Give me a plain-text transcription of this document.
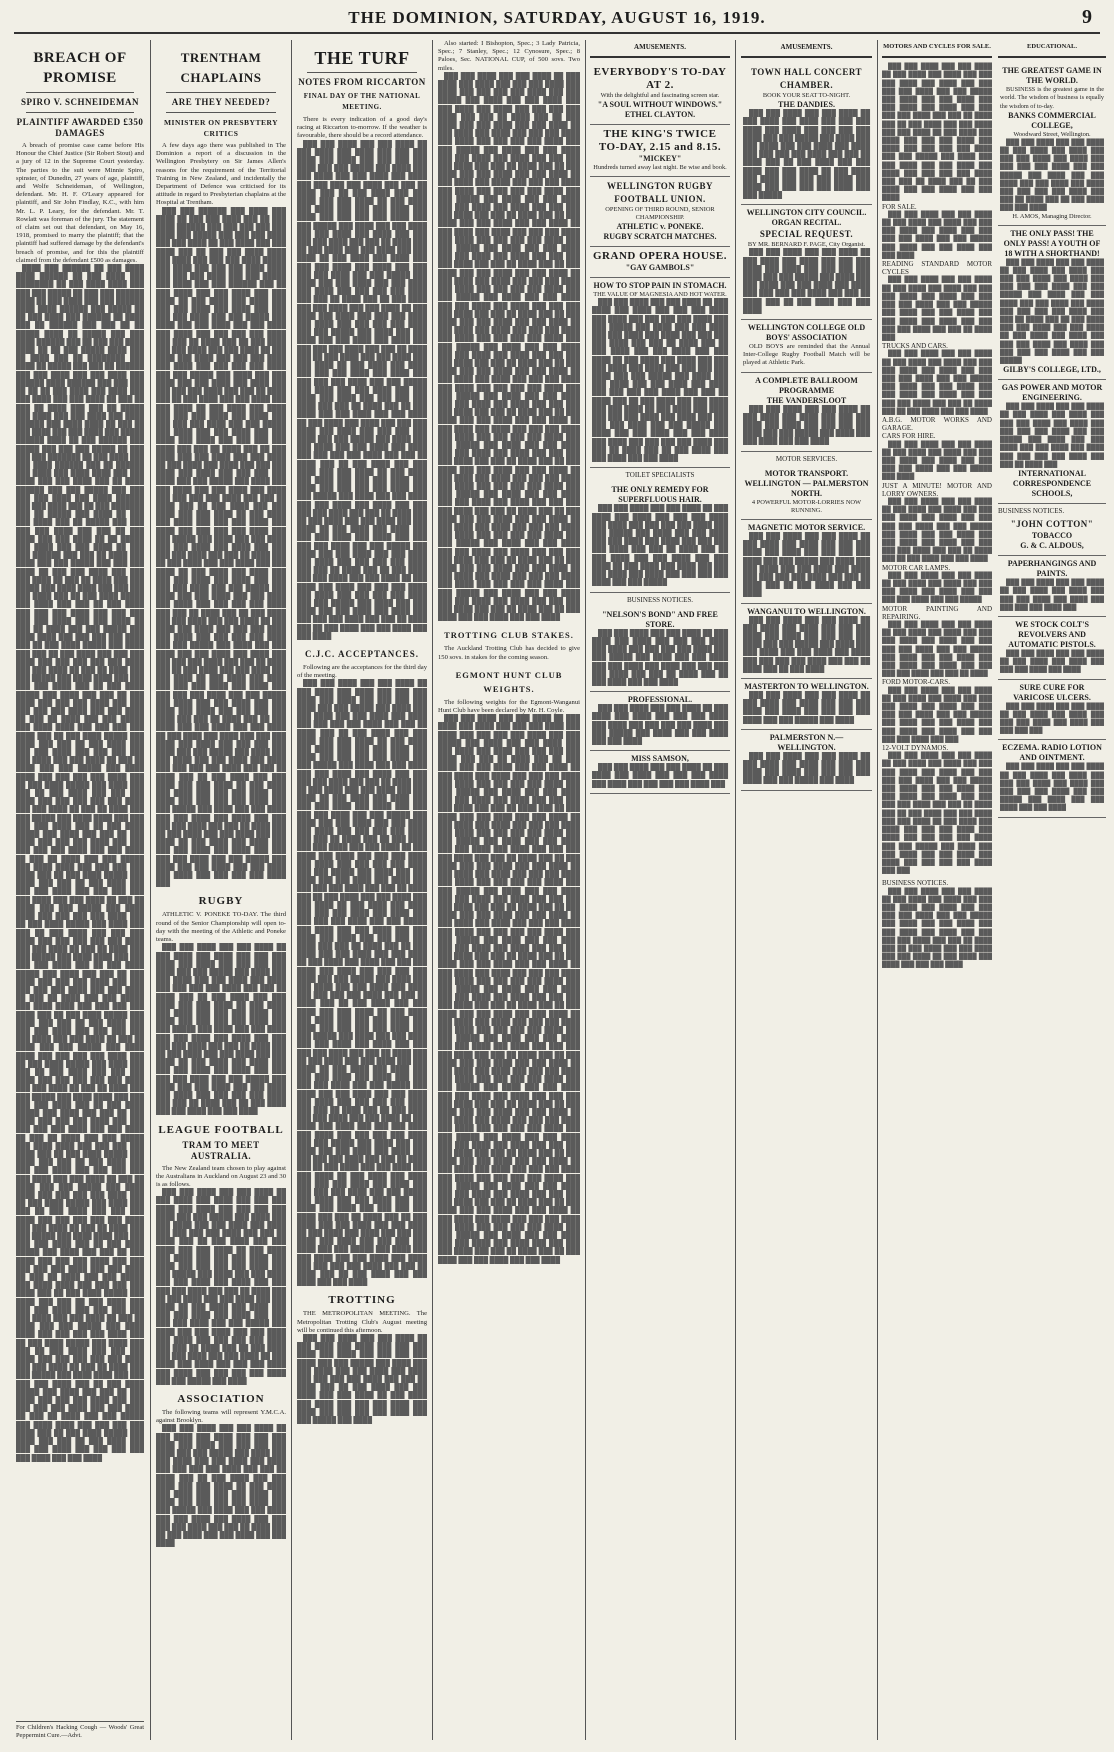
THE DOMINION, SATURDAY, AUGUST 16, 1919.	9
BREACH OF PROMISE
SPIRO V. SCHNEIDEMAN
PLAINTIFF AWARDED £350 DAMAGES

A breach of promise case came before His Honour the Chief Justice (Sir Robert Stout) and a jury of 12 in the Supreme Court yesterday. The parties to the suit were Minnie Spiro, spinster, of Dunedin, 27 years of age, plaintiff, and Wolfe Schneideman, of Wellington, defendant. Mr. H. F. O'Leary appeared for plaintiff, and Sir John Findlay, K.C., with him Mr. L. P. Leary, for the defendant. Mr. T. Rowlatt was foreman of the jury. The statement of claim set out that defendant, on May 16, 1918, promised to marry the plaintiff; that the plaintiff had suffered damage by the defendant's breach of promise, and for this the plaintiff claimed from the defendant £500 as damages.

████ ███ ██████ ██ ███ ████ ████ ██████ ██ ███ ████ ███ ████████ ██ ███ ████ ████ ███ ███ ███ █████ ██ ███ ███ ██████ ████ ██ ███ ████ ███ ███ ██████ ████ ████ ██████ ███ █████ ██ ██ ███ ████ ███ ██████ ██ ████ ███ ██ ██████ ███ ███ ██ ██ █████ ████ ██ █████ ███ ███ ████ ██████ ███ ██ ███ ███ ████ ████ ██ ██ ███ █████ ████ ███ ██ ████ ███ ██ ████████ ███ ████ ██ █████ ███ ███ ██ ██████ ███ ███ ████ ███ ███ ████ ███ ██████ ████ ██████ ███ ███ ███ ██ ██ ██ ███ ████ ███ ████ ███ ███ ████ ███ ███ ████ ██ ███ ██ ███ ██ ████ ███ ███ ██ █████ ███ ████ ███ ███ ████ ███ ████ ██████ ███ ████ ████ ██ ███ ██ ███ ████ ███ ███ ████ ███ █████ ██████ ████ ██ ███ ██████ ███ █████ ███ ███ ███ █████ ██ ███ ███ ███ ███████ ██ ███ ████ ███ ███ ████ ██████ ███ ██ ██████ ███ ████ ███ ████ ████ ███ ███ ████ ███ ███ ████ ███ ██ ████ ██████ ███ ███ █████ ███ ███ ███ ███ ████ ███ ████ ██████ ███ ███ ████ ███ ██ ███ ███████ ███ ██ █████ ███ ████ ██ ███ ███ ████ ███ ██ █████ ███ ███ ███ ███ ████ ███ ███ ██ ███ ████ ███ ███ ████ ██ ██ █████ ███ ████ ███ ███ ████ ██ ███ ███ ██████ ███ ███ ██ ████ ███ ████ ███ ███ █████ ███ ███ ███ ████ ██ ███ ███ ████ ███ ███ ███ ████ ██ ███ ██ ████ ███ ███ █████ ███ ████ ████ ███ ███ ███ ███ ████ ███ ██ ███ ████ █████ ███ ████ ███ ███ ██ ███ ████ ███ ███ ███ ████ ███ ███ ███ ███ ███ ████ ███ ███ ████ ██ ███ ██ ████ ███ ███ █████ ███ ████ ████ ███ ███ ███ ███ ████ ███ ██ ███ ████ █████ ███ ████ ███ ███ ██ ███ ████ ███ ███ ███ ████ ███ ███ ███ ███ ███ ████ ███ ███ ████ ██ ███ ██ ████ ███ ███ █████ ███ ████ ████ ███ ███ ███ ███ ████ ███ ██ ███ ████ █████ ███ ████ ███ ███ ██ ███ ████ ███ ███ ███ ████ ███ ███ ███ ███ ███ ████ ███ ███ ████ ██ ███ ██ ████ ███ ███ █████ ███ ████ ████ ███ ███ ███ ███ ████ ███ ██ ███ ████ █████ ███ ████ ███ ███ ██ ███ ████ ███ ███ ███ ████ ███ ███ ███ ███ ███ ████ ███ ███ ████ ██ ███ ██ ████ ███ ███ █████ ███ ████ ████ ███ ███ ███ ███ ████ ███ ██ ███ ████ █████ ███ ████ ███ ███ ██ ███ ████ ███ ███ ███ ████ ███ ███ ███ ███ ███ ████ ███ ███ ████ ██ ███ ██ ████ ███ ███ █████ ███ ████ ████ ███ ███ ███ ███ ████ ███ ██ ███ ████ █████ ███ ████ ███ ███ ██ ███ ████ ███ ███ ███ ████ ███ ███ ███ ███ ███ ████ ███ ███ ████ ██ ███ ██ ████ ███ ███ █████ ███ ████ ████ ███ ███ ███ ███ ████ ███ ██ ███ ████ █████ ███ ████ ███ ███ ██ ███ ████ ███ ███ ███ ████ ███ ███ ███ ███ ███ ████ ███ ███ ████ ██ ███ ██ ████ ███ ███ █████ ███ ████ ████ ███ ███ ███ ███ ████ ███ ██ ███ ████ █████ ███ ████ ███ ███ ██ ███ ████ ███ ███ ███ ████ ███ ███ ███ ███ ███ ████ ███ ███ ████ ██ ███ ██ ████ ███ ███ █████ ███ ████ ████ ███ ███ ███ ███ ████ ███ ██ ███ ████ █████ ███ ████ ███ ███ ██ ███ ████ ███ ███ ███ ████ ███ ███ ███ ███ ███ ████ ███ ███ ████ ██ ███ ██ ████ ███ ███ █████ ███ ████ ████ ███ ███ ███ ███ ████ ███ ██ ███ ████ █████ ███ ████ ███ ███ ██ ███ ████ ███ ███ ███ ████ ███ ███ ███ ███ ███ ████ ███ ███ ████ ██ ███ ██ ████ ███ ███ █████ ███ ████ ████ ███ ███ ███ ███ ████ ███ ██ ███ ████ █████ ███ ████ ███ ███ ██ ███ ████ ███ ███ ███ ████ ███ ███ ███ ███ ███ ████ ███ ███ ████ ██ ███ ██ ████ ███ ███ █████ ███ ████ ████ ███ ███ ███ ███ ████ ███ ██ ███ ████ █████ ███ ████ ███ ███ ██ ███ ████ ███ ███ ███ ████ ███ ███ ███ ███ ███ ████ ███ ███ ████ ██ ███ ██ ████ ███ ███ █████ ███ ████ ████ ███ ███ ███ ███ ████ ███ ██ ███ ████ █████ ███ ████ ███ ███ ██ ███ ████ ███ ███ ███ ████ ███ ███ ███ ███ ███ ████ ███ ███ ████ ██ ███ ██ ████ ███ ███ █████ ███ ████ ████ ███ ███ ███ ███ ████ ███ ██ ███ ████ █████ ███ ████ ███ ███ ██ ███ ████ ███ ███ ███ ████ ███ ███ ███ ███ ███ ████ ███ ███ ████ ██ ███ ██ ████ ███ ███ █████ ███ ████ ████ ███ ███ ███ ███ ████ ███ ██ ███ ████ █████ ███ ████ ███ ███ ██ ███ ████ ███ ███ ███ ████ ███ ███ ███ ███ ███ ████ ███ ███ ████ ██ ███ ██ ████ ███ ███ █████ ███ ████ ████ ███ ███ ███ ███ ████ ███ ██ ███ ████ █████ ███ ████ ███ ███ ██ ███ ████ ███ ███ ███ ████ ███ ███ ███ ███ ███ ████ ███ ███ ████ ██ ███ ██ ████ ███ ███ █████ ███ ████ ████ ███ ███ ███ ███ ████ ███ ██ ███ ████ █████ ███ ████ ███ ███ ██ ███ ████ ███ ███ ███ ████ ███ ███ ███ ███ ███ ████ ███ ███ ████ ██ ███ ██ ████ ███ ███ █████ ███ ████ ████ ███ ███ ███ ███ ████ ███ ██ ███ ████ █████ ███ ████ ███ ███ ██ ███ ████ ███ ███ ███ ████ ███ ███ ███ ███ ███ ████ ███ ███ ████ ██ ███ ██ ████ ███ ███ █████ ███ ████ ████ ███ ███ ███ ███ ████ ███ ██ ███ ████ █████ ███ ████ ███ ███ ██ ███ ████ ███ ███ ███ ████ ███ ███ ███ ███ ███ ████ ███ ███ ████

For Children's Hacking Cough — Woods' Great Peppermint Cure.—Advt.
TRENTHAM CHAPLAINS
ARE THEY NEEDED?
MINISTER ON PRESBYTERY CRITICS

A few days ago there was published in The Dominion a report of a discussion in the Wellington Presbytery on Sir James Allen's reasons for the requirement of the Territorial Training in New Zealand, and incidentally the Department of Defence was criticised for its attitude in regard to Presbyterian chaplains at the Hospital at Trentham.

███ ███ ██████ ███ ████ ███ ████ ██ ███ ███ ████ ███ ██ ███ ████ ██████ ███ ███ ███ ███ ███ ████ ███ █████ ███ ███ ███ ████ ███ ███ ████ ██ ███ ████ ███ ███ ████ ███ ██ ███ ███ ████ ████ ███ ████ ███ ███ ███ ████ █████ ███ ████ ███ ███ ███ ████ ████ ███ ███ ███ ████ ███ ███ █████ ███ ████ ███ ███ ██████ ███ ██ ███ ████ ███ ███ ████ ███ ███ ████ ██ ███ ████ ███ ████ ███ ███ ███ ████ ███ ████ ███ ███ ███ ███ ████ ███ ███ █████ ███ ████ ███ ███ ████ ███ ███ ████ ███ ████ ███ ███ ███ ███ ████ ███ ███ ██ ████ ███ ██ ███ ████ ███ ███ ████ ███ ███ ████ ██ ███ ████ ███ ████ ███ ███ ███ ████ ███ ████ ███ ███ ███ ███ ████ ███ ███ █████ ███ ████ ███ ███ ████ ███ ███ ████ ███ ████ ███ ███ ███ ███ ████ ███ ███ ██ ████ ███ ██ ███ ████ ███ ███ ████ ███ ███ ████ ██ ███ ████ ███ ████ ███ ███ ███ ████ ███ ████ ███ ███ ███ ███ ████ ███ ███ █████ ███ ████ ███ ███ ████ ███ ███ ████ ███ ████ ███ ███ ███ ███ ████ ███ ███ ██ ████ ███ ██ ███ ████ ███ ███ ████ ███ ███ ████ ██ ███ ████ ███ ████ ███ ███ ███ ████ ███ ████ ███ ███ ███ ███ ████ ███ ███ █████ ███ ████ ███ ███ ████ ███ ███ ████ ███ ████ ███ ███ ███ ███ ████ ███ ███ ██ ████ ███ ██ ███ ████ ███ ███ ████ ███ ███ ████ ██ ███ ████ ███ ████ ███ ███ ███ ████ ███ ████ ███ ███ ███ ███ ████ ███ ███ █████ ███ ████ ███ ███ ████ ███ ███ ████ ███ ████ ███ ███ ███ ███ ████ ███ ███ ██ ████ ███ ██ ███ ████ ███ ███ ████ ███ ███ ████ ██ ███ ████ ███ ████ ███ ███ ███ ████ ███ ████ ███ ███ ███ ███ ████ ███ ███ █████ ███ ████ ███ ███ ████ ███ ███ ████ ███ ████ ███ ███ ███ ███ ████ ███ ███ ██ ████ ███ ██ ███ ████ ███ ███ ████ ███ ███ ████ ██ ███ ████ ███ ████ ███ ███ ███ ████ ███ ████ ███ ███ ███ ███ ████ ███ ███ █████ ███ ████ ███ ███ ████ ███ ███ ████ ███ ████ ███ ███ ███ ███ ████ ███ ███ ██ ████ ███ ██ ███ ████ ███ ███ ████ ███ ███ ████ ██ ███ ████ ███ ████ ███ ███ ███ ████ ███ ████ ███ ███ ███ ███ ████ ███ ███ █████ ███ ████ ███ ███ ████ ███ ███ ████ ███ ████ ███ ███ ███ ███ ████ ███ ███ ██ ████ ███ ██ ███ ████ ███ ███ ████ ███ ███ ████ ██ ███ ████ ███ ████ ███ ███ ███ ████ ███ ████ ███ ███ ███ ███ ████ ███ ███ █████ ███ ████ ███ ███ ████ ███ ███ ████ ███ ████ ███ ███ ███ ███ ████ ███ ███ ██ ████ ███ ██ ███ ████ ███ ███ ████ ███ ███ ████ ██ ███ ████ ███ ████ ███ ███ ███ ████ ███ ████ ███ ███ ███ ███ ████ ███ ███ █████ ███ ████ ███ ███ ████ ███ ███ ████ ███ ████ ███ ███ ███ ███ ████ ███ ███ ██ ████ ███ ██ ███ ████ ███ ███ ████ ███ ███ ████ ██ ███ ████ ███ ████ ███ ███ ███ ████ ███ ████ ███ ███ ███ ███ ████ ███ ███ █████ ███ ████ ███ ███ ████ ███ ███ ████ ███ ████ ███ ███ ███ ███ ████ ███

RUGBY

ATHLETIC V. PONEKE TO-DAY. The third round of the Senior Championship will open to-day with the meeting of the Athletic and Poneke teams.

███ ███ ████ ███ ███ ████ ██ ███ ████ ███ ████ ███ ███ ███ ████ ███ ████ ███ ███ ███ ███ ████ ███ ███ █████ ███ ████ ███ ███ ████ ███ ███ ████ ███ ████ ███ ███ ███ ███ ████ ███ ███ ██ ████ ███ ██ ███ ████ ███ ███ ████ ███ ███ ████ ██ ███ ████ ███ ████ ███ ███ ███ ████ ███ ████ ███ ███ ███ ███ ████ ███ ███ █████ ███ ████ ███ ███ ████ ███ ███ ████ ███ ████ ███ ███ ███ ███ ████ ███ ███ ██ ████ ███ ██ ███ ████ ███ ███ ████ ███ ███ ████ ██ ███ ████ ███ ████ ███ ███ ███ ████ ███ ████ ███ ███ ███ ███ ████ ███ ███ █████ ███ ████ ███ ███ ████ ███ ███ ████ ███ ████ ███ ███ ███ ███ ████ ███ ███ ██ ████ ███ ██ ███ ████ ███ ███ ████ ███ ███ ████

LEAGUE FOOTBALL
TRAM TO MEET AUSTRALIA.

The New Zealand team chosen to play against the Australians in Auckland on August 23 and 30 is as follows.

███ ███ ████ ███ ███ ████ ██ ███ ████ ███ ████ ███ ███ ███ ████ ███ ████ ███ ███ ███ ███ ████ ███ ███ █████ ███ ████ ███ ███ ████ ███ ███ ████ ███ ████ ███ ███ ███ ███ ████ ███ ███ ██ ████ ███ ██ ███ ████ ███ ███ ████ ███ ███ ████ ██ ███ ████ ███ ████ ███ ███ ███ ████ ███ ████ ███ ███ ███ ███ ████ ███ ███ █████ ███ ████ ███ ███ ████ ███ ███ ████ ███ ████ ███ ███ ███ ███ ████ ███ ███ ██ ████ ███ ██ ███ ████ ███ ███ ████ ███ ███ ████ ██ ███ ████ ███ ████ ███ ███ ███ ████ ███ ████ ███ ███ ███ ███ ████ ███ ███ █████ ███ ████ ███ ███ ████ ███ ███ ████ ███ ████ ███ ███ ███ ███ ████ ███ ███ ██ ████ ███ ██ ███ ████ ███ ███ ████ ███ ███ ████ ██ ███ ████ ███ ████ ███ ███ ███ ████ ███ ████ ███ ███ ███ ███ ████ ███ ███ █████ ███ ████

ASSOCIATION

The following teams will represent Y.M.C.A. against Brooklyn.

███ ███ ████ ███ ███ ████ ██ ███ ████ ███ ████ ███ ███ ███ ████ ███ ████ ███ ███ ███ ███ ████ ███ ███ █████ ███ ████ ███ ███ ████ ███ ███ ████ ███ ████ ███ ███ ███ ███ ████ ███ ███ ██ ████ ███ ██ ███ ████ ███ ███ ████ ███ ███ ████ ██ ███ ████ ███ ████ ███ ███ ███ ████ ███ ████ ███ ███ ███ ███ ████ ███ ███ █████ ███ ████ ███ ███ ████ ███ ███ ████ ███ ████ ███ ███ ███ ███ ████ ███ ███ ██ ████ ███ ██ ███ ████ ███ ███ ████ ███ ███ ████

THE TURF
NOTES FROM RICCARTON
FINAL DAY OF THE NATIONAL MEETING.

There is every indication of a good day's racing at Riccarton to-morrow. If the weather is favourable, there should be a record attendance.

███ ███ ████ ███ ███ ████ ██ ███ ████ ███ ████ ███ ███ ███ ████ ███ ████ ███ ███ ███ ███ ████ ███ ███ █████ ███ ████ ███ ███ ████ ███ ███ ████ ███ ████ ███ ███ ███ ███ ████ ███ ███ ██ ████ ███ ██ ███ ████ ███ ███ ████ ███ ███ ████ ██ ███ ████ ███ ████ ███ ███ ███ ████ ███ ████ ███ ███ ███ ███ ████ ███ ███ █████ ███ ████ ███ ███ ████ ███ ███ ████ ███ ████ ███ ███ ███ ███ ████ ███ ███ ██ ████ ███ ██ ███ ████ ███ ███ ████ ███ ███ ████ ██ ███ ████ ███ ████ ███ ███ ███ ████ ███ ████ ███ ███ ███ ███ ████ ███ ███ █████ ███ ████ ███ ███ ████ ███ ███ ████ ███ ████ ███ ███ ███ ███ ████ ███ ███ ██ ████ ███ ██ ███ ████ ███ ███ ████ ███ ███ ████ ██ ███ ████ ███ ████ ███ ███ ███ ████ ███ ████ ███ ███ ███ ███ ████ ███ ███ █████ ███ ████ ███ ███ ████ ███ ███ ████ ███ ████ ███ ███ ███ ███ ████ ███ ███ ██ ████ ███ ██ ███ ████ ███ ███ ████ ███ ███ ████ ██ ███ ████ ███ ████ ███ ███ ███ ████ ███ ████ ███ ███ ███ ███ ████ ███ ███ █████ ███ ████ ███ ███ ████ ███ ███ ████ ███ ████ ███ ███ ███ ███ ████ ███ ███ ██ ████ ███ ██ ███ ████ ███ ███ ████ ███ ███ ████ ██ ███ ████ ███ ████ ███ ███ ███ ████ ███ ████ ███ ███ ███ ███ ████ ███ ███ █████ ███ ████ ███ ███ ████ ███ ███ ████ ███ ████ ███ ███ ███ ███ ████ ███ ███ ██ ████ ███ ██ ███ ████ ███ ███ ████ ███ ███ ████ ██ ███ ████ ███ ████ ███ ███ ███ ████ ███ ████ ███ ███ ███ ███ ████ ███ ███ █████ ███ ████ ███ ███ ████ ███ ███ ████ ███ ████ ███ ███ ███ ███ ████ ███ ███ ██ ████ ███ ██ ███ ████ ███ ███ ████ ███ ███ ████ ██ ███ ████ ███ ████ ███ ███ ███ ████ ███ ████ ███ ███ ███ ███ ████ ███ ███ █████ ███ ████ ███ ███ ████ ███ ███ ████ ███ ████ ███ ███ ███ ███ ████ ███ ███ ██ ████ ███ ██ ███ ████ ███ ███ ████ ███ ███ ████ ██ ███ ████ ███ ████ ███ ███ ███ ████ ███ ████ ███ ███ ███ ███ ████ ███ ███ █████ ███ ████ ███ ███ ████ ███ ███ ████ ███ ████ ███ ███ ███ ███ ████ ███ ███ ██ ████ ███ ██ ███ ████ ███ ███ ████ ███ ███ ████

C.J.C. ACCEPTANCES.

Following are the acceptances for the third day of the meeting.

███ ███ ████ ███ ███ ████ ██ ███ ████ ███ ████ ███ ███ ███ ████ ███ ████ ███ ███ ███ ███ ████ ███ ███ █████ ███ ████ ███ ███ ████ ███ ███ ████ ███ ████ ███ ███ ███ ███ ████ ███ ███ ██ ████ ███ ██ ███ ████ ███ ███ ████ ███ ███ ████ ██ ███ ████ ███ ████ ███ ███ ███ ████ ███ ████ ███ ███ ███ ███ ████ ███ ███ █████ ███ ████ ███ ███ ████ ███ ███ ████ ███ ████ ███ ███ ███ ███ ████ ███ ███ ██ ████ ███ ██ ███ ████ ███ ███ ████ ███ ███ ████ ██ ███ ████ ███ ████ ███ ███ ███ ████ ███ ████ ███ ███ ███ ███ ████ ███ ███ █████ ███ ████ ███ ███ ████ ███ ███ ████ ███ ████ ███ ███ ███ ███ ████ ███ ███ ██ ████ ███ ██ ███ ████ ███ ███ ████ ███ ███ ████ ██ ███ ████ ███ ████ ███ ███ ███ ████ ███ ████ ███ ███ ███ ███ ████ ███ ███ █████ ███ ████ ███ ███ ████ ███ ███ ████ ███ ████ ███ ███ ███ ███ ████ ███ ███ ██ ████ ███ ██ ███ ████ ███ ███ ████ ███ ███ ████ ██ ███ ████ ███ ████ ███ ███ ███ ████ ███ ████ ███ ███ ███ ███ ████ ███ ███ █████ ███ ████ ███ ███ ████ ███ ███ ████ ███ ████ ███ ███ ███ ███ ████ ███ ███ ██ ████ ███ ██ ███ ████ ███ ███ ████ ███ ███ ████ ██ ███ ████ ███ ████ ███ ███ ███ ████ ███ ████ ███ ███ ███ ███ ████ ███ ███ █████ ███ ████ ███ ███ ████ ███ ███ ████ ███ ████ ███ ███ ███ ███ ████ ███ ███ ██ ████ ███ ██ ███ ████ ███ ███ ████ ███ ███ ████ ██ ███ ████ ███ ████ ███ ███ ███ ████ ███ ████ ███ ███ ███ ███ ████ ███ ███ █████ ███ ████ ███ ███ ████ ███ ███ ████ ███ ████ ███ ███ ███ ███ ████ ███ ███ ██ ████ ███ ██ ███ ████ ███ ███ ████ ███ ███ ████ ██ ███ ████ ███ ████ ███ ███ ███ ████ ███ ████ ███ ███ ███ ███ ████ ███ ███ █████ ███ ████ ███ ███ ████ ███ ███ ████ ███ ████ ███ ███ ███ ███ ████ ███ ███ ██ ████ ███ ██ ███ ████ ███ ███ ████ ███ ███ ████ ██ ███ ████ ███ ████ ███ ███ ███ ████ ███ ████ ███ ███ ███ ███ ████ ███ ███ █████ ███ ████ ███ ███ ████ ███ ███ ████ ███ ████ ███ ███ ███ ███ ████ ███ ███ ██ ████ ███ ██ ███ ████ ███ ███ ████ ███ ███ ████ ██ ███ ████ ███ ████ ███ ███ ███ ████ ███ ████ ███ ███ ███ ███ ████ ███ ███ █████ ███ ████ ███ ███ ████ ███ ███ ████ ███ ████ ███ ███ ███ ███ ████ ███ ███ ██ ████ ███ ██ ███ ████ ███ ███ ████ ███ ███ ████ ██ ███ ████ ███ ████ ███ ███ ███ ████ ███ ████ ███ ███ ███ ███ ████ ███ ███ █████ ███ ████ ███ ███ ████ ███ ███ ████ ███ ████ ███ ███ ███ ███ ████ ███ ███ ██ ████ ███ ██ ███ ████ ███ ███ ████ ███ ███ ████

TROTTING

THE METROPOLITAN MEETING. The Metropolitan Trotting Club's August meeting will be continued this afternoon.

███ ███ ████ ███ ███ ████ ██ ███ ████ ███ ████ ███ ███ ███ ████ ███ ████ ███ ███ ███ ███ ████ ███ ███ █████ ███ ████ ███ ███ ████ ███ ███ ████ ███ ████ ███ ███ ███ ███ ████ ███ ███ ██ ████ ███ ██ ███ ████ ███ ███ ████ ███ ███ ████ ██ ███ ████ ███ ████ ███ ███ ███ ████ ███ ████ ███ ███ ███ ███ ████ ███ ███ █████ ███ ████

Also started: I Bishopton, Spec.; 3 Lady Patricia, Spec.; 7 Stanley, Spec.; 12 Cynosure, Spec.; 8 Paloes, Sec. NATIONAL CUP, of 500 sovs. Two miles.

███ ███ ████ ███ ███ ████ ██ ███ ████ ███ ████ ███ ███ ███ ████ ███ ████ ███ ███ ███ ███ ████ ███ ███ █████ ███ ████ ███ ███ ████ ███ ███ ████ ███ ████ ███ ███ ███ ███ ████ ███ ███ ██ ████ ███ ██ ███ ████ ███ ███ ████ ███ ███ ████ ██ ███ ████ ███ ████ ███ ███ ███ ████ ███ ████ ███ ███ ███ ███ ████ ███ ███ █████ ███ ████ ███ ███ ████ ███ ███ ████ ███ ████ ███ ███ ███ ███ ████ ███ ███ ██ ████ ███ ██ ███ ████ ███ ███ ████ ███ ███ ████ ██ ███ ████ ███ ████ ███ ███ ███ ████ ███ ████ ███ ███ ███ ███ ████ ███ ███ █████ ███ ████ ███ ███ ████ ███ ███ ████ ███ ████ ███ ███ ███ ███ ████ ███ ███ ██ ████ ███ ██ ███ ████ ███ ███ ████ ███ ███ ████ ██ ███ ████ ███ ████ ███ ███ ███ ████ ███ ████ ███ ███ ███ ███ ████ ███ ███ █████ ███ ████ ███ ███ ████ ███ ███ ████ ███ ████ ███ ███ ███ ███ ████ ███ ███ ██ ████ ███ ██ ███ ████ ███ ███ ████ ███ ███ ████ ██ ███ ████ ███ ████ ███ ███ ███ ████ ███ ████ ███ ███ ███ ███ ████ ███ ███ █████ ███ ████ ███ ███ ████ ███ ███ ████ ███ ████ ███ ███ ███ ███ ████ ███ ███ ██ ████ ███ ██ ███ ████ ███ ███ ████ ███ ███ ████ ██ ███ ████ ███ ████ ███ ███ ███ ████ ███ ████ ███ ███ ███ ███ ████ ███ ███ █████ ███ ████ ███ ███ ████ ███ ███ ████ ███ ████ ███ ███ ███ ███ ████ ███ ███ ██ ████ ███ ██ ███ ████ ███ ███ ████ ███ ███ ████ ██ ███ ████ ███ ████ ███ ███ ███ ████ ███ ████ ███ ███ ███ ███ ████ ███ ███ █████ ███ ████ ███ ███ ████ ███ ███ ████ ███ ████ ███ ███ ███ ███ ████ ███ ███ ██ ████ ███ ██ ███ ████ ███ ███ ████ ███ ███ ████ ██ ███ ████ ███ ████ ███ ███ ███ ████ ███ ████ ███ ███ ███ ███ ████ ███ ███ █████ ███ ████ ███ ███ ████ ███ ███ ████ ███ ████ ███ ███ ███ ███ ████ ███ ███ ██ ████ ███ ██ ███ ████ ███ ███ ████ ███ ███ ████ ██ ███ ████ ███ ████ ███ ███ ███ ████ ███ ████ ███ ███ ███ ███ ████ ███ ███ █████ ███ ████ ███ ███ ████ ███ ███ ████ ███ ████ ███ ███ ███ ███ ████ ███ ███ ██ ████ ███ ██ ███ ████ ███ ███ ████ ███ ███ ████ ██ ███ ████ ███ ████ ███ ███ ███ ████ ███ ████ ███ ███ ███ ███ ████ ███ ███ █████ ███ ████ ███ ███ ████ ███ ███ ████ ███ ████ ███ ███ ███ ███ ████ ███ ███ ██ ████ ███ ██ ███ ████ ███ ███ ████ ███ ███ ████ ██ ███ ████ ███ ████ ███ ███ ███ ████ ███ ████ ███ ███ ███ ███ ████ ███ ███ █████ ███ ████ ███ ███ ████ ███ ███ ████ ███ ████ ███ ███ ███ ███ ████ ███ ███ ██ ████ ███ ██ ███ ████ ███ ███ ████ ███ ███ ████

TROTTING CLUB STAKES.

The Auckland Trotting Club has decided to give 150 sovs. in stakes for the coming season.

EGMONT HUNT CLUB WEIGHTS.

The following weights for the Egmont-Wanganui Hunt Club have been declared by Mr. H. Coyle.

███ ███ ████ ███ ███ ████ ██ ███ ████ ███ ████ ███ ███ ███ ████ ███ ████ ███ ███ ███ ███ ████ ███ ███ █████ ███ ████ ███ ███ ████ ███ ███ ████ ███ ████ ███ ███ ███ ███ ████ ███ ███ ██ ████ ███ ██ ███ ████ ███ ███ ████ ███ ███ ████ ██ ███ ████ ███ ████ ███ ███ ███ ████ ███ ████ ███ ███ ███ ███ ████ ███ ███ █████ ███ ████ ███ ███ ████ ███ ███ ████ ███ ████ ███ ███ ███ ███ ████ ███ ███ ██ ████ ███ ██ ███ ████ ███ ███ ████ ███ ███ ████ ██ ███ ████ ███ ████ ███ ███ ███ ████ ███ ████ ███ ███ ███ ███ ████ ███ ███ █████ ███ ████ ███ ███ ████ ███ ███ ████ ███ ████ ███ ███ ███ ███ ████ ███ ███ ██ ████ ███ ██ ███ ████ ███ ███ ████ ███ ███ ████ ██ ███ ████ ███ ████ ███ ███ ███ ████ ███ ████ ███ ███ ███ ███ ████ ███ ███ █████ ███ ████ ███ ███ ████ ███ ███ ████ ███ ████ ███ ███ ███ ███ ████ ███ ███ ██ ████ ███ ██ ███ ████ ███ ███ ████ ███ ███ ████ ██ ███ ████ ███ ████ ███ ███ ███ ████ ███ ████ ███ ███ ███ ███ ████ ███ ███ █████ ███ ████ ███ ███ ████ ███ ███ ████ ███ ████ ███ ███ ███ ███ ████ ███ ███ ██ ████ ███ ██ ███ ████ ███ ███ ████ ███ ███ ████ ██ ███ ████ ███ ████ ███ ███ ███ ████ ███ ████ ███ ███ ███ ███ ████ ███ ███ █████ ███ ████ ███ ███ ████ ███ ███ ████ ███ ████ ███ ███ ███ ███ ████ ███ ███ ██ ████ ███ ██ ███ ████ ███ ███ ████ ███ ███ ████ ██ ███ ████ ███ ████ ███ ███ ███ ████ ███ ████ ███ ███ ███ ███ ████ ███ ███ █████ ███ ████ ███ ███ ████ ███ ███ ████ ███ ████ ███ ███ ███ ███ ████ ███ ███ ██ ████ ███ ██ ███ ████ ███ ███ ████ ███ ███ ████ ██ ███ ████ ███ ████ ███ ███ ███ ████ ███ ████ ███ ███ ███ ███ ████ ███ ███ █████ ███ ████ ███ ███ ████ ███ ███ ████ ███ ████ ███ ███ ███ ███ ████ ███ ███ ██ ████ ███ ██ ███ ████ ███ ███ ████ ███ ███ ████ ██ ███ ████ ███ ████ ███ ███ ███ ████ ███ ████ ███ ███ ███ ███ ████ ███ ███ █████ ███ ████ ███ ███ ████ ███ ███ ████ ███ ████ ███ ███ ███ ███ ████ ███ ███ ██ ████ ███ ██ ███ ████ ███ ███ ████ ███ ███ ████ ██ ███ ████ ███ ████ ███ ███ ███ ████ ███ ████ ███ ███ ███ ███ ████ ███ ███ █████ ███ ████ ███ ███ ████ ███ ███ ████ ███ ████ ███ ███ ███ ███ ████ ███ ███ ██ ████ ███ ██ ███ ████ ███ ███ ████ ███ ███ ████ ██ ███ ████ ███ ████ ███ ███ ███ ████ ███ ████ ███ ███ ███ ███ ████ ███ ███ █████ ███ ████ ███ ███ ████ ███ ███ ████ ███ ████ ███ ███ ███ ███ ████ ███ ███ ██ ████ ███ ██ ███ ████ ███ ███ ████ ███ ███ ████

AMUSEMENTS.
EVERYBODY'S TO-DAY AT 2.
With the delightful and fascinating screen star.
"A SOUL WITHOUT WINDOWS."
ETHEL CLAYTON.
THE KING'S TWICE TO-DAY, 2.15 and 8.15.
"MICKEY"
Hundreds turned away last night. Be wise and book.
WELLINGTON RUGBY FOOTBALL UNION.
OPENING OF THIRD ROUND, SENIOR CHAMPIONSHIP.
ATHLETIC v. PONEKE.
RUGBY SCRATCH MATCHES.
GRAND OPERA HOUSE.
"GAY GAMBOLS"
HOW TO STOP PAIN IN STOMACH.
THE VALUE OF MAGNESIA AND HOT WATER.

███ ███ ████ ███ ███ ████ ██ ███ ████ ███ ████ ███ ███ ███ ████ ███ ████ ███ ███ ███ ███ ████ ███ ███ █████ ███ ████ ███ ███ ████ ███ ███ ████ ███ ████ ███ ███ ███ ███ ████ ███ ███ ██ ████ ███ ██ ███ ████ ███ ███ ████ ███ ███ ████ ██ ███ ████ ███ ████ ███ ███ ███ ████ ███ ████ ███ ███ ███ ███ ████ ███ ███ █████ ███ ████ ███ ███ ████ ███ ███ ████ ███ ████ ███ ███ ███ ███ ████ ███ ███ ██ ████ ███ ██ ███ ████ ███ ███ ████ ███ ███ ████ ██ ███ ████ ███ ████ ███ ███ ███ ████ ███ ████ ███ ███ ███ ███ ████ ███ ███ █████ ███ ████ ███ ███ ████ ███ ███ ████ ███ ████ ███ ███ ███ ███ ████ ███ ███ ██ ████ ███ ██ ███ ████ ███ ███ ████ ███ ███ ████

TOILET SPECIALISTS
THE ONLY REMEDY FOR SUPERFLUOUS HAIR.

███ ███ ████ ███ ███ ████ ██ ███ ████ ███ ████ ███ ███ ███ ████ ███ ████ ███ ███ ███ ███ ████ ███ ███ █████ ███ ████ ███ ███ ████ ███ ███ ████ ███ ████ ███ ███ ███ ███ ████ ███ ███ ██ ████ ███ ██ ███ ████ ███ ███ ████ ███ ███ ████ ██ ███ ████ ███ ████ ███ ███ ███ ████ ███ ████ ███ ███ ███ ███ ████ ███ ███ █████

BUSINESS NOTICES.
"NELSON'S BOND" AND FREE STORE.

███ ███ ████ ███ ███ ████ ██ ███ ████ ███ ████ ███ ███ ███ ████ ███ ████ ███ ███ ███ ███ ████ ███ ███ █████ ███ ████ ███ ███ ████ ███ ███ ████ ███ ████ ███ ███ ███ ███ ████ ███ ███ ██ ████ ███ ██ ███ ████ ███ ███ ████

PROFESSIONAL.

███ ███ ████ ███ ███ ████ ██ ███ ████ ███ ████ ███ ███ ███ ████ ███ ████ ███ ███ ███ ███ ████ ███ ███ █████ ███ ████ ███ ███ ████ ███ ███ ████

MISS SAMSON,

███ ███ ████ ███ ███ ████ ██ ███ ████ ███ ████ ███ ███ ███ ████ ███ ████ ███ ███ ███ ███ ████ ███

AMUSEMENTS.
TOWN HALL CONCERT CHAMBER.
BOOK YOUR SEAT TO-NIGHT.
THE DANDIES.

███ ███ ████ ███ ███ ████ ██ ███ ████ ███ ████ ███ ███ ███ ████ ███ ████ ███ ███ ███ ███ ████ ███ ███ █████ ███ ████ ███ ███ ████ ███ ███ ████ ███ ████ ███ ███ ███ ███ ████ ███ ███ ██ ████ ███ ██ ███ ████ ███ ███ ████ ███ ███ ████ ██ ███ ████ ███ ████ ███ ███ ███ ████ ███ ████ ███ ███ ███ ███ ████ ███ ███ █████

WELLINGTON CITY COUNCIL.
ORGAN RECITAL.
SPECIAL REQUEST.
BY MR. BERNARD F. PAGE, City Organist.

███ ███ ████ ███ ███ ████ ██ ███ ████ ███ ████ ███ ███ ███ ████ ███ ████ ███ ███ ███ ███ ████ ███ ███ █████ ███ ████ ███ ███ ████ ███ ███ ████ ███ ████ ███ ███ ███ ███ ████ ███ ███ ██ ████ ███ ██ ███ ████ ███ ███ ████

WELLINGTON COLLEGE OLD BOYS' ASSOCIATION

OLD BOYS are reminded that the Annual Inter-College Rugby Football Match will be played at Athletic Park.

A COMPLETE BALLROOM PROGRAMME
THE VANDERSLOOT

███ ███ ████ ███ ███ ████ ██ ███ ████ ███ ████ ███ ███ ███ ████ ███ ████ ███ ███ ███ ███ ████ ███ ███ █████ ███ ████ ███ ███ ████ ███ ███ ████

MOTOR SERVICES.
MOTOR TRANSPORT.
WELLINGTON — PALMERSTON NORTH.
4 POWERFUL MOTOR-LORRIES NOW RUNNING.
MAGNETIC MOTOR SERVICE.

███ ███ ████ ███ ███ ████ ██ ███ ████ ███ ████ ███ ███ ███ ████ ███ ████ ███ ███ ███ ███ ████ ███ ███ █████ ███ ████ ███ ███ ████ ███ ███ ████ ███ ████ ███ ███ ███ ███ ████ ███ ███ ██ ████ ███ ██ ███ ████ ███ ███ ████

WANGANUI TO WELLINGTON.

███ ███ ████ ███ ███ ████ ██ ███ ████ ███ ████ ███ ███ ███ ████ ███ ████ ███ ███ ███ ███ ████ ███ ███ █████ ███ ████ ███ ███ ████ ███ ███ ████ ███ ████ ███ ███ ███ ███ ████ ███ ███ ██ ████ ███ ██ ███ ████

MASTERTON TO WELLINGTON.

███ ███ ████ ███ ███ ████ ██ ███ ████ ███ ████ ███ ███ ███ ████ ███ ████ ███ ███ ███ ███ ████ ███ ███ █████ ███ ████

PALMERSTON N.—WELLINGTON.

███ ███ ████ ███ ███ ████ ██ ███ ████ ███ ████ ███ ███ ███ ████ ███ ████ ███ ███ ███ ███ ████ ███ ███ █████ ███ ████

MOTORS AND CYCLES FOR SALE.

███ ███ ████ ███ ███ ████ ██ ███ ████ ███ ████ ███ ███ ███ ████ ███ ████ ███ ███ ███ ███ ████ ███ ███ █████ ███ ████ ███ ███ ████ ███ ███ ████ ███ ████ ███ ███ ███ ███ ████ ███ ███ ██ ████ ███ ██ ███ ████ ███ ███ ████ ███ ███ ████ ██ ███ ████ ███ ████ ███ ███ ███ ████ ███ ████ ███ ███ ███ ███ ████ ███ ███ █████ ███ ████ ███ ███ ████ ███ ███ ████ ███ ████ ███ ███ ███ ███ ████ ███ ███ ██ ████ ███ ██ ███ ████ ███ ███ ████ ███ ███ ████

FOR SALE.

███ ███ ████ ███ ███ ████ ██ ███ ████ ███ ████ ███ ███ ███ ████ ███ ████ ███ ███ ███ ███ ████ ███ ███ █████ ███ ████ ███ ███ ████ ███ ███ ████

READING STANDARD MOTOR CYCLES

███ ███ ████ ███ ███ ████ ██ ███ ████ ███ ████ ███ ███ ███ ████ ███ ████ ███ ███ ███ ███ ████ ███ ███ █████ ███ ████ ███ ███ ████ ███ ███ ████ ███ ████ ███ ███ ███ ███ ████ ███ ███ ██ ████ ███

TRUCKS AND CARS.

███ ███ ████ ███ ███ ████ ██ ███ ████ ███ ████ ███ ███ ███ ████ ███ ████ ███ ███ ███ ███ ████ ███ ███ █████ ███ ████ ███ ███ ████ ███ ███ ████ ███ ████ ███ ███ ███ ███ ████ ███ ███ ██ ████ ███ ██ ███ ████ ███ ███ ████

A.B.G. MOTOR WORKS AND GARAGE.
CARS FOR HIRE.

███ ███ ████ ███ ███ ████ ██ ███ ████ ███ ████ ███ ███ ███ ████ ███ ████ ███ ███ ███ ███ ████ ███ ███ █████ ███ ████

JUST A MINUTE! MOTOR AND LORRY OWNERS.

███ ███ ████ ███ ███ ████ ██ ███ ████ ███ ████ ███ ███ ███ ████ ███ ████ ███ ███ ███ ███ ████ ███ ███ █████ ███ ████ ███ ███ ████ ███ ███ ████ ███ ████ ███ ███ ███ ███ ████ ███ ███ ██ ████ ███ ██ ███ ████ ███ ███ ████

MOTOR CAR LAMPS.

███ ███ ████ ███ ███ ████ ██ ███ ████ ███ ████ ███ ███ ███ ████ ███ ████ ███ ███ ███ ███ ████ ███ ███ █████

MOTOR PAINTING AND REPAIRING.

███ ███ ████ ███ ███ ████ ██ ███ ████ ███ ████ ███ ███ ███ ████ ███ ████ ███ ███ ███ ███ ████ ███ ███ █████ ███ ████ ███ ███ ████ ███ ███ ████ ███ ████ ███ ███ ███ ███ ████ ███ ███ ██ ████

FORD MOTOR-CARS.

███ ███ ████ ███ ███ ████ ██ ███ ████ ███ ████ ███ ███ ███ ████ ███ ████ ███ ███ ███ ███ ████ ███ ███ █████ ███ ████ ███ ███ ████ ███ ███ ████ ███ ████ ███ ███ ███ ███ ████ ███ ███

12-VOLT DYNAMOS.

███ ███ ████ ███ ███ ████ ██ ███ ████ ███ ████ ███ ███ ███ ████ ███ ████ ███ ███ ███ ███ ████ ███ ███ █████ ███ ████ ███ ███ ████ ███ ███ ████ ███ ████ ███ ███ ███ ███ ████ ███ ███ ██ ████ ███ ██ ███ ████ ███ ███ ████ ███ ███ ████ ██ ███ ████ ███ ████ ███ ███ ███ ████ ███ ████ ███ ███ ███ ███ ████ ███ ███ █████ ███ ████ ███ ███ ████ ███ ███ ████ ███ ████ ███ ███ ███ ███ ████ ███ ███

BUSINESS NOTICES.

███ ███ ████ ███ ███ ████ ██ ███ ████ ███ ████ ███ ███ ███ ████ ███ ████ ███ ███ ███ ███ ████ ███ ███ █████ ███ ████ ███ ███ ████ ███ ███ ████ ███ ████ ███ ███ ███ ███ ████ ███ ███ ██ ████ ███ ██ ███ ████ ███ ███ ████ ███ ███ ████ ██ ███ ████ ███ ████ ███ ███ ███ ████

EDUCATIONAL.
THE GREATEST GAME IN THE WORLD.

BUSINESS is the greatest game in the world. The wisdom of business is equally the wisdom of to-day.

BANKS COMMERCIAL COLLEGE,
Woodward Street, Wellington.

███ ███ ████ ███ ███ ████ ██ ███ ████ ███ ████ ███ ███ ███ ████ ███ ████ ███ ███ ███ ███ ████ ███ ███ █████ ███ ████ ███ ███ ████ ███ ███ ████ ███ ████ ███ ███ ███ ███ ████ ███ ███ ██ ████ ███ ██ ███ ████ ███ ███ ████

H. AMOS, Managing Director.
THE ONLY PASS! THE ONLY PASS! A YOUTH OF 18 WITH A SHORTHAND!

███ ███ ████ ███ ███ ████ ██ ███ ████ ███ ████ ███ ███ ███ ████ ███ ████ ███ ███ ███ ███ ████ ███ ███ █████ ███ ████ ███ ███ ████ ███ ███ ████ ███ ████ ███ ███ ███ ███ ████ ███ ███ ██ ████ ███ ██ ███ ████ ███ ███ ████ ███ ███ ████ ██ ███ ████ ███ ████ ███ ███ ███ ████ ███ ████ ███ ███ ███ ███ ████ ███ ███ █████

GILBY'S COLLEGE, LTD.,
GAS POWER AND MOTOR ENGINEERING.

███ ███ ████ ███ ███ ████ ██ ███ ████ ███ ████ ███ ███ ███ ████ ███ ████ ███ ███ ███ ███ ████ ███ ███ █████ ███ ████ ███ ███ ████ ███ ███ ████ ███ ████ ███ ███ ███ ███ ████ ███ ███ ██ ████ ███

INTERNATIONAL CORRESPONDENCE SCHOOLS,
BUSINESS NOTICES.
"JOHN COTTON"
TOBACCO
G. & C. ALDOUS,
PAPERHANGINGS AND PAINTS.

███ ███ ████ ███ ███ ████ ██ ███ ████ ███ ████ ███ ███ ███ ████ ███ ████ ███ ███ ███ ███ ████ ███

WE STOCK COLT'S REVOLVERS AND AUTOMATIC PISTOLS.

███ ███ ████ ███ ███ ████ ██ ███ ████ ███ ████ ███ ███ ███ ████ ███ ████

SURE CURE FOR VARICOSE ULCERS.

███ ███ ████ ███ ███ ████ ██ ███ ████ ███ ████ ███ ███ ███ ████ ███ ████ ███ ███ ███ ███

ECZEMA. RADIO LOTION AND OINTMENT.

███ ███ ████ ███ ███ ████ ██ ███ ████ ███ ████ ███ ███ ███ ████ ███ ████ ███ ███ ███ ███ ████ ███ ███ █████ ███ ████ ███ ███ ████ ███ ███ ████
